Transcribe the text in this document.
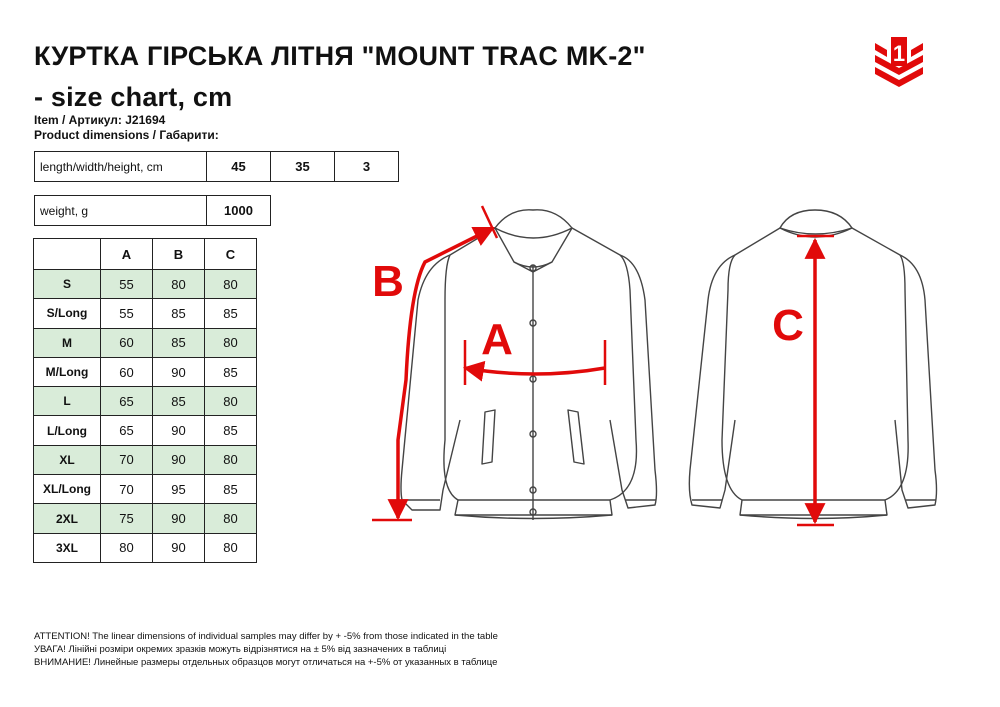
КУРТКА ГІРСЬКА ЛІТНЯ "MOUNT TRAC MK-2"
- size chart, cm
Item / Артикул: J21694
Product dimensions / Габарити:
1
length/width/height, cm	45	35	3
weight, g	1000
	A	B	C
S	55	80	80
S/Long	55	85	85
M	60	85	80
M/Long	60	90	85
L	65	85	80
L/Long	65	90	85
XL	70	90	80
XL/Long	70	95	85
2XL	75	90	80
3XL	80	90	80
A
B
C
ATTENTION! The linear dimensions of individual samples may differ by + -5% from those indicated in the table
УВАГА! Лінійні розміри окремих зразків можуть відрізнятися на ± 5% від зазначених в таблиці
ВНИМАНИЕ! Линейные размеры отдельных образцов могут отличаться на +-5% от указанных в таблице
